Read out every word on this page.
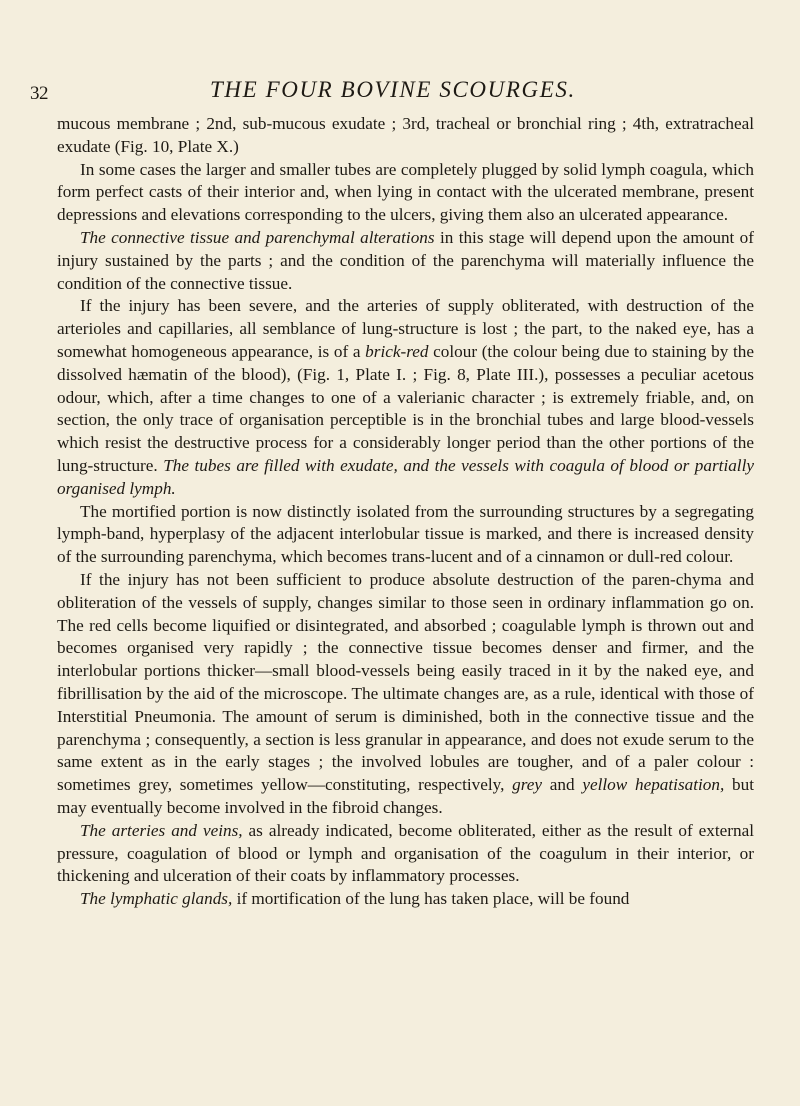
32	THE FOUR BOVINE SCOURGES.

mucous membrane ; 2nd, sub-mucous exudate ; 3rd, tracheal or bronchial ring ; 4th, extratracheal exudate (Fig. 10, Plate X.)

In some cases the larger and smaller tubes are completely plugged by solid lymph coagula, which form perfect casts of their interior and, when lying in contact with the ulcerated membrane, present depressions and elevations corresponding to the ulcers, giving them also an ulcerated appearance.

The connective tissue and parenchymal alterations in this stage will depend upon the amount of injury sustained by the parts ; and the condition of the parenchyma will materially influence the condition of the connective tissue.

If the injury has been severe, and the arteries of supply obliterated, with destruction of the arterioles and capillaries, all semblance of lung-structure is lost ; the part, to the naked eye, has a somewhat homogeneous appearance, is of a brick-red colour (the colour being due to staining by the dissolved hæmatin of the blood), (Fig. 1, Plate I. ; Fig. 8, Plate III.), possesses a peculiar acetous odour, which, after a time changes to one of a valerianic character ; is extremely friable, and, on section, the only trace of organisation perceptible is in the bronchial tubes and large blood-vessels which resist the destructive process for a considerably longer period than the other portions of the lung-structure. The tubes are filled with exudate, and the vessels with coagula of blood or partially organised lymph.

The mortified portion is now distinctly isolated from the surrounding structures by a segregating lymph-band, hyperplasy of the adjacent interlobular tissue is marked, and there is increased density of the surrounding parenchyma, which becomes trans-lucent and of a cinnamon or dull-red colour.

If the injury has not been sufficient to produce absolute destruction of the paren-chyma and obliteration of the vessels of supply, changes similar to those seen in ordinary inflammation go on. The red cells become liquified or disintegrated, and absorbed ; coagulable lymph is thrown out and becomes organised very rapidly ; the connective tissue becomes denser and firmer, and the interlobular portions thicker—small blood-vessels being easily traced in it by the naked eye, and fibrillisation by the aid of the microscope. The ultimate changes are, as a rule, identical with those of Interstitial Pneumonia. The amount of serum is diminished, both in the connective tissue and the parenchyma ; consequently, a section is less granular in appearance, and does not exude serum to the same extent as in the early stages ; the involved lobules are tougher, and of a paler colour : sometimes grey, sometimes yellow—constituting, respectively, grey and yellow hepatisation, but may eventually become involved in the fibroid changes.

The arteries and veins, as already indicated, become obliterated, either as the result of external pressure, coagulation of blood or lymph and organisation of the coagulum in their interior, or thickening and ulceration of their coats by inflammatory processes.

The lymphatic glands, if mortification of the lung has taken place, will be found
